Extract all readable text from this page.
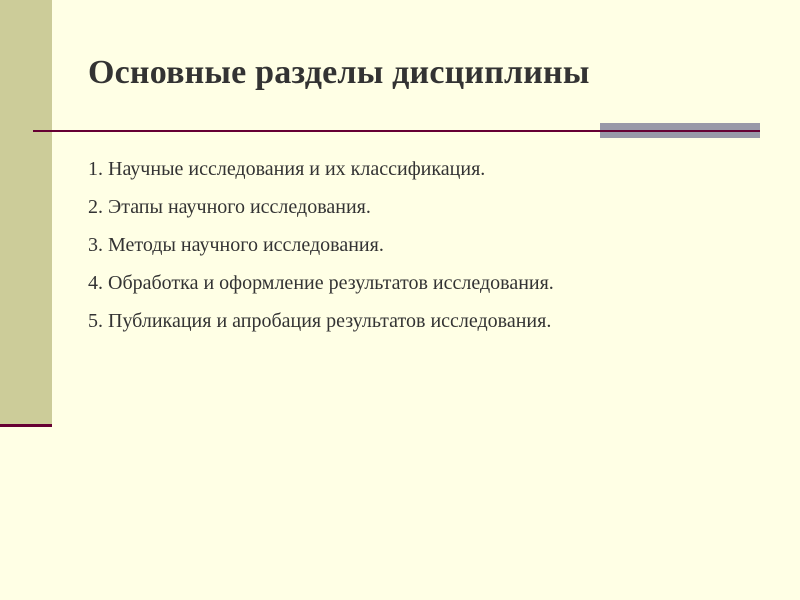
Основные разделы дисциплины
1. Научные исследования и их классификация.
2. Этапы научного исследования.
3. Методы научного исследования.
4. Обработка и оформление результатов исследования.
5. Публикация и апробация результатов исследования.
